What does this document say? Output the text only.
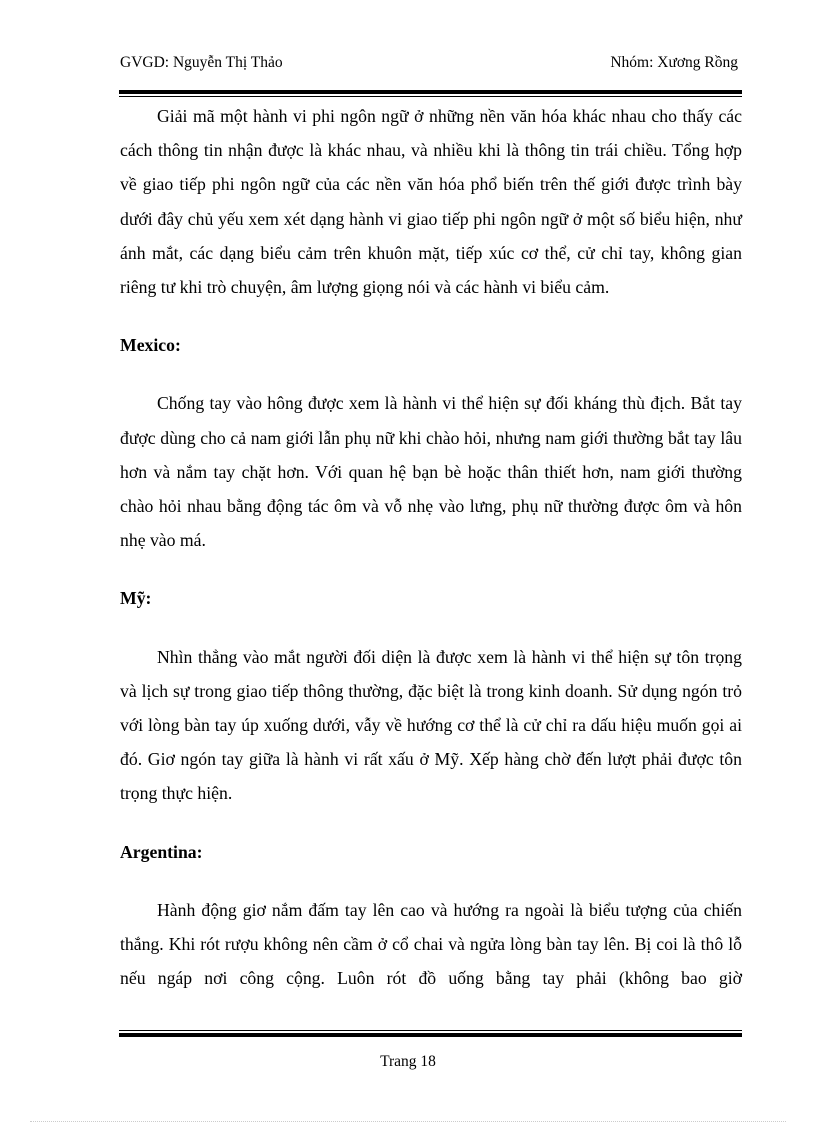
GVGD: Nguyễn Thị Thảo	Nhóm: Xương Rồng

Giải mã một hành vi phi ngôn ngữ ở những nền văn hóa khác nhau cho thấy các cách thông tin nhận được là khác nhau, và nhiều khi là thông tin trái chiều. Tổng hợp về giao tiếp phi ngôn ngữ của các nền văn hóa phổ biến trên thế giới được trình bày dưới đây chủ yếu xem xét dạng hành vi giao tiếp phi ngôn ngữ ở một số biểu hiện, như ánh mắt, các dạng biểu cảm trên khuôn mặt, tiếp xúc cơ thể, cử chỉ tay, không gian riêng tư khi trò chuyện, âm lượng giọng nói và các hành vi biểu cảm.

Mexico:

Chống tay vào hông được xem là hành vi thể hiện sự đối kháng thù địch. Bắt tay được dùng cho cả nam giới lẫn phụ nữ khi chào hỏi, nhưng nam giới thường bắt tay lâu hơn và nắm tay chặt hơn. Với quan hệ bạn bè hoặc thân thiết hơn, nam giới thường chào hỏi nhau bằng động tác ôm và vỗ nhẹ vào lưng, phụ nữ thường được ôm và hôn nhẹ vào má.

Mỹ:

Nhìn thẳng vào mắt người đối diện là được xem là hành vi thể hiện sự tôn trọng và lịch sự trong giao tiếp thông thường, đặc biệt là trong kinh doanh. Sử dụng ngón trỏ với lòng bàn tay úp xuống dưới, vẫy về hướng cơ thể là cử chỉ ra dấu hiệu muốn gọi ai đó. Giơ ngón tay giữa là hành vi rất xấu ở Mỹ. Xếp hàng chờ đến lượt phải được tôn trọng thực hiện.

Argentina:

Hành động giơ nắm đấm tay lên cao và hướng ra ngoài là biểu tượng của chiến thắng. Khi rót rượu không nên cầm ở cổ chai và ngửa lòng bàn tay lên. Bị coi là thô lỗ nếu ngáp nơi công cộng. Luôn rót đồ uống bằng tay phải (không bao giờ

Trang 18
